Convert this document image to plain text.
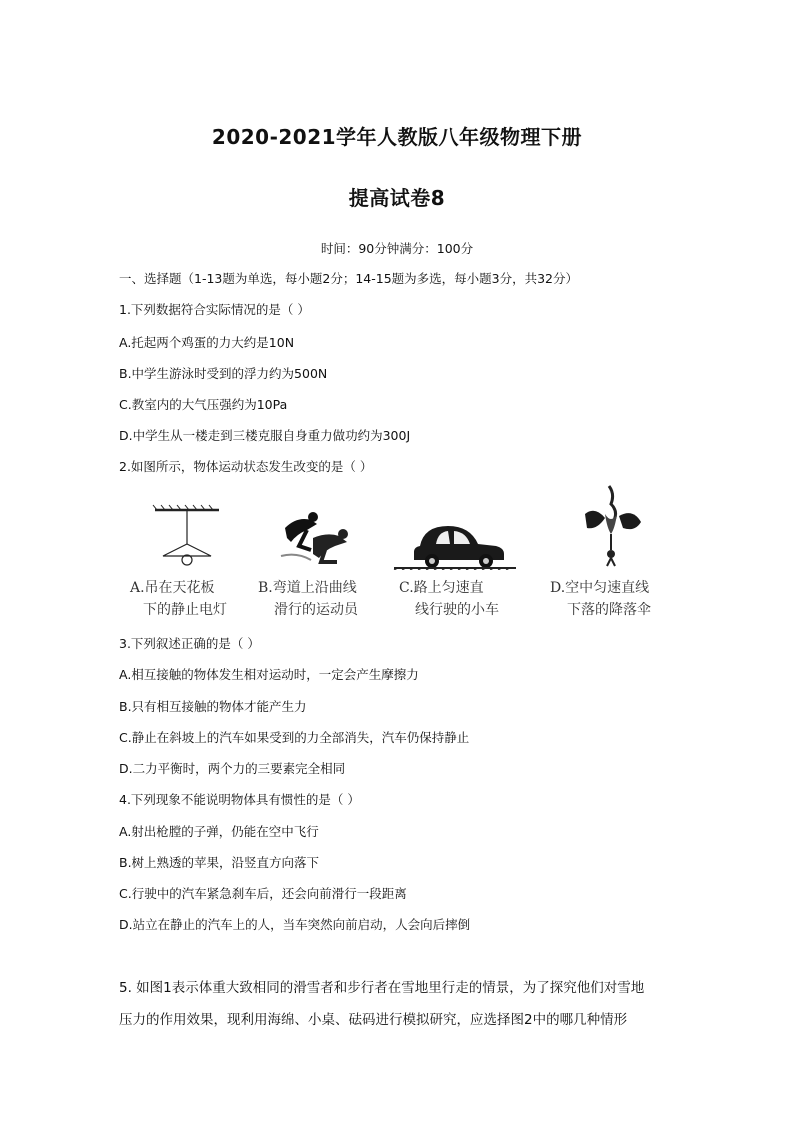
2020-2021学年人教版八年级物理下册
提高试卷8
时间：90分钟满分：100分
一、选择题（1-13题为单选，每小题2分；14-15题为多选，每小题3分，共32分）
1.下列数据符合实际情况的是（ ）
A.托起两个鸡蛋的力大约是10N
B.中学生游泳时受到的浮力约为500N
C.教室内的大气压强约为10Pa
D.中学生从一楼走到三楼克服自身重力做功约为300J
2.如图所示，物体运动状态发生改变的是（ ）
A.吊在天花板
下的静止电灯
B.弯道上沿曲线
滑行的运动员
C.路上匀速直
线行驶的小车
D.空中匀速直线
下落的降落伞
3.下列叙述正确的是（ ）
A.相互接触的物体发生相对运动时，一定会产生摩擦力
B.只有相互接触的物体才能产生力
C.静止在斜坡上的汽车如果受到的力全部消失，汽车仍保持静止
D.二力平衡时，两个力的三要素完全相同
4.下列现象不能说明物体具有惯性的是（ ）
A.射出枪膛的子弹，仍能在空中飞行
B.树上熟透的苹果，沿竖直方向落下
C.行驶中的汽车紧急刹车后，还会向前滑行一段距离
D.站立在静止的汽车上的人，当车突然向前启动，人会向后摔倒
5. 如图1表示体重大致相同的滑雪者和步行者在雪地里行走的情景，为了探究他们对雪地
压力的作用效果，现利用海绵、小桌、砝码进行模拟研究，应选择图2中的哪几种情形
